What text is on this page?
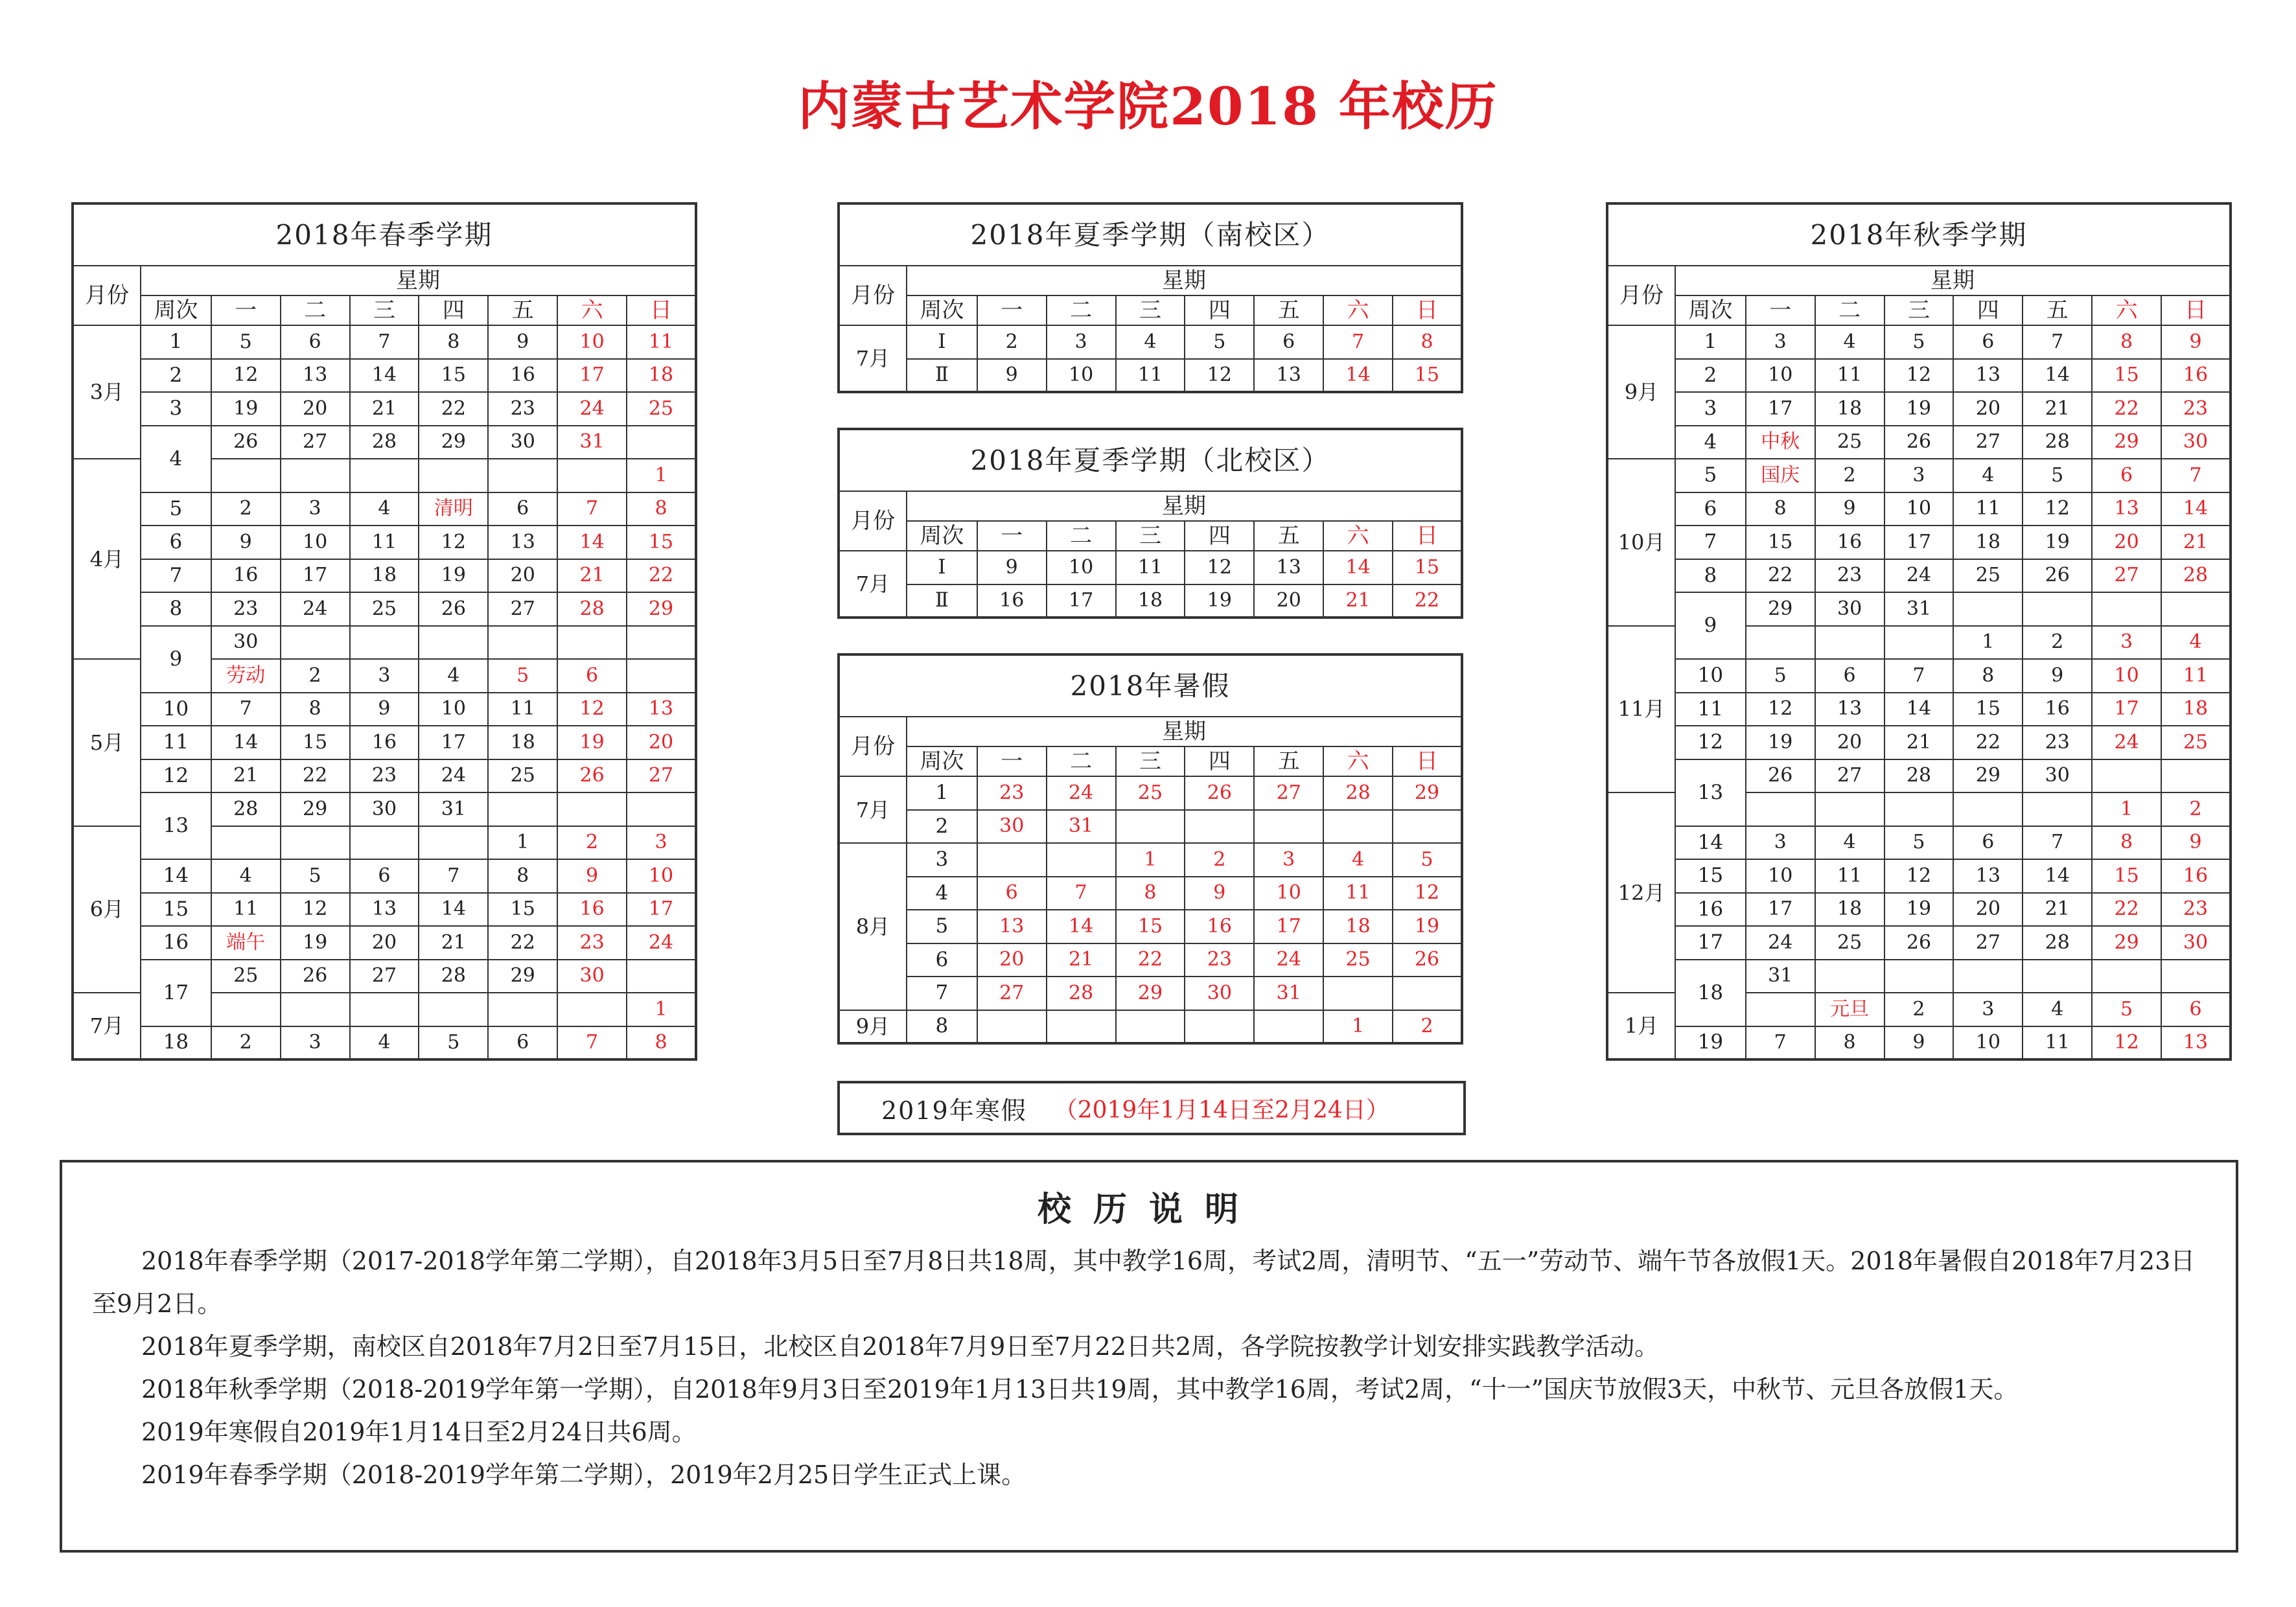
内蒙古艺术学院2018 年校历
2018年春季学期								
月份	星期							
	周次	一	二	三	四	五	六	日
3月	1	5	6	7	8	9	10	11
	2	12	13	14	15	16	17	18
	3	19	20	21	22	23	24	25
	4	26	27	28	29	30	31	
4月								1
	5	2	3	4	清明	6	7	8
	6	9	10	11	12	13	14	15
	7	16	17	18	19	20	21	22
	8	23	24	25	26	27	28	29
	9	30						
5月		劳动	2	3	4	5	6	
	10	7	8	9	10	11	12	13
	11	14	15	16	17	18	19	20
	12	21	22	23	24	25	26	27
	13	28	29	30	31			
6月						1	2	3
	14	4	5	6	7	8	9	10
	15	11	12	13	14	15	16	17
	16	端午	19	20	21	22	23	24
	17	25	26	27	28	29	30	
7月								1
	18	2	3	4	5	6	7	8
2018年夏季学期（南校区）								
月份	星期							
	周次	一	二	三	四	五	六	日
7月	Ⅰ	2	3	4	5	6	7	8
	Ⅱ	9	10	11	12	13	14	15
2018年夏季学期（北校区）								
月份	星期							
	周次	一	二	三	四	五	六	日
7月	Ⅰ	9	10	11	12	13	14	15
	Ⅱ	16	17	18	19	20	21	22
2018年暑假								
月份	星期							
	周次	一	二	三	四	五	六	日
7月	1	23	24	25	26	27	28	29
	2	30	31					
8月	3			1	2	3	4	5
	4	6	7	8	9	10	11	12
	5	13	14	15	16	17	18	19
	6	20	21	22	23	24	25	26
	7	27	28	29	30	31		
9月	8						1	2
2018年秋季学期								
月份	星期							
	周次	一	二	三	四	五	六	日
9月	1	3	4	5	6	7	8	9
	2	10	11	12	13	14	15	16
	3	17	18	19	20	21	22	23
	4	中秋	25	26	27	28	29	30
10月	5	国庆	2	3	4	5	6	7
	6	8	9	10	11	12	13	14
	7	15	16	17	18	19	20	21
	8	22	23	24	25	26	27	28
	9	29	30	31				
11月					1	2	3	4
	10	5	6	7	8	9	10	11
	11	12	13	14	15	16	17	18
	12	19	20	21	22	23	24	25
	13	26	27	28	29	30		
12月							1	2
	14	3	4	5	6	7	8	9
	15	10	11	12	13	14	15	16
	16	17	18	19	20	21	22	23
	17	24	25	26	27	28	29	30
	18	31						
1月			元旦	2	3	4	5	6
	19	7	8	9	10	11	12	13
2019年寒假 （2019年1月14日至2月24日）
校历说明

2018年春季学期（2017-2018学年第二学期），自2018年3月5日至7月8日共18周，其中教学16周，考试2周，清明节、“五一”劳动节、端午节各放假1天。2018年暑假自2018年7月23日至9月2日。

2018年夏季学期，南校区自2018年7月2日至7月15日，北校区自2018年7月9日至7月22日共2周，各学院按教学计划安排实践教学活动。

2018年秋季学期（2018-2019学年第一学期），自2018年9月3日至2019年1月13日共19周，其中教学16周，考试2周，“十一”国庆节放假3天，中秋节、元旦各放假1天。

2019年寒假自2019年1月14日至2月24日共6周。

2019年春季学期（2018-2019学年第二学期），2019年2月25日学生正式上课。
